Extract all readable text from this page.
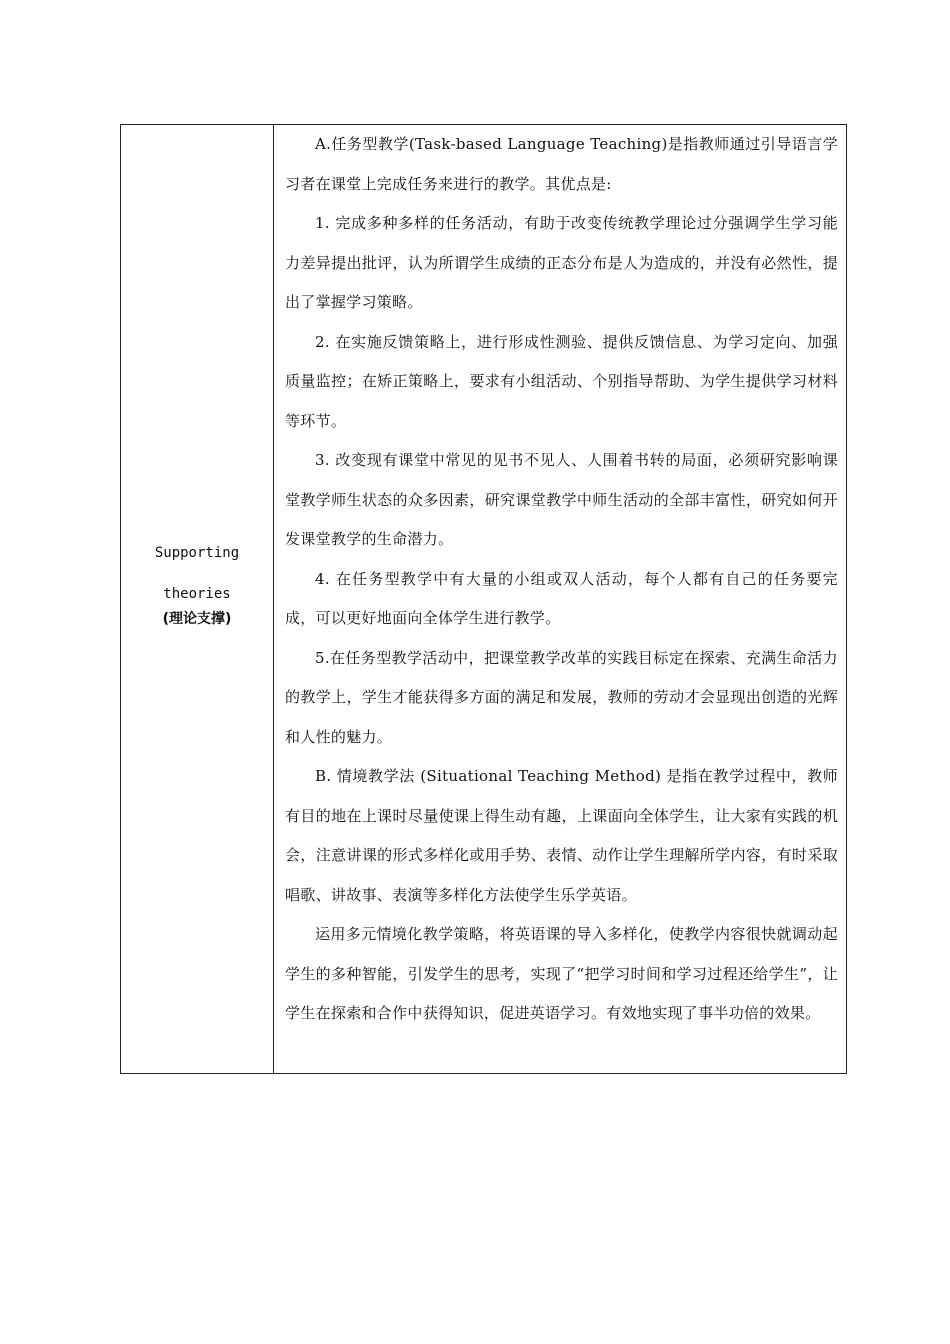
Supporting
theories
(理论支撑)

A.任务型教学(Task-based Language Teaching)是指教师通过引导语言学习者在课堂上完成任务来进行的教学。其优点是:

1. 完成多种多样的任务活动，有助于改变传统教学理论过分强调学生学习能力差异提出批评，认为所谓学生成绩的正态分布是人为造成的，并没有必然性，提出了掌握学习策略。

2. 在实施反馈策略上，进行形成性测验、提供反馈信息、为学习定向、加强质量监控；在矫正策略上，要求有小组活动、个别指导帮助、为学生提供学习材料等环节。

3. 改变现有课堂中常见的见书不见人、人围着书转的局面，必须研究影响课堂教学师生状态的众多因素，研究课堂教学中师生活动的全部丰富性，研究如何开发课堂教学的生命潜力。

4. 在任务型教学中有大量的小组或双人活动，每个人都有自己的任务要完成，可以更好地面向全体学生进行教学。

5.在任务型教学活动中，把课堂教学改革的实践目标定在探索、充满生命活力的教学上，学生才能获得多方面的满足和发展，教师的劳动才会显现出创造的光辉和人性的魅力。

B. 情境教学法 (Situational Teaching Method) 是指在教学过程中，教师有目的地在上课时尽量使课上得生动有趣，上课面向全体学生，让大家有实践的机会，注意讲课的形式多样化或用手势、表情、动作让学生理解所学内容，有时采取唱歌、讲故事、表演等多样化方法使学生乐学英语。

运用多元情境化教学策略，将英语课的导入多样化，使教学内容很快就调动起学生的多种智能，引发学生的思考，实现了“把学习时间和学习过程还给学生”，让学生在探索和合作中获得知识，促进英语学习。有效地实现了事半功倍的效果。
